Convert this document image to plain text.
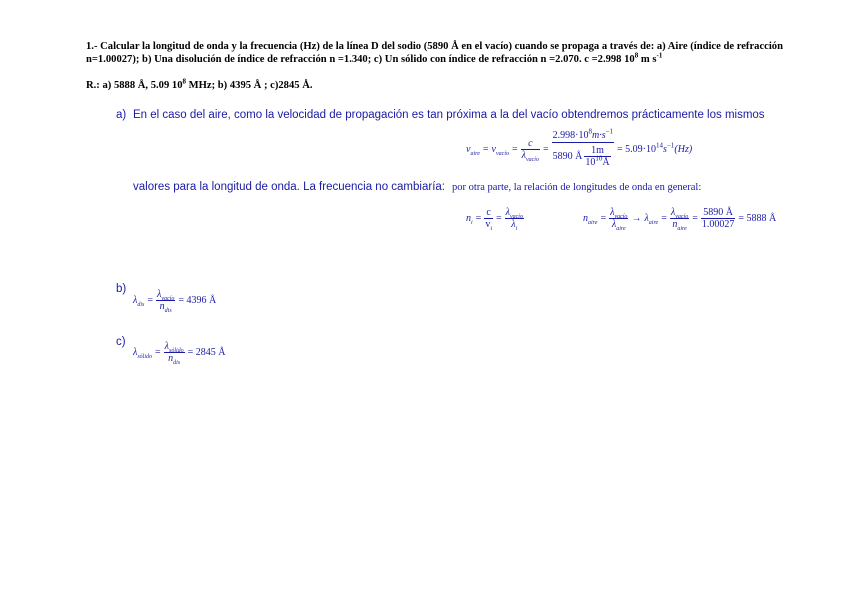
1.- Calcular la longitud de onda y la frecuencia (Hz) de la línea D del sodio (5890 Å en el vacío) cuando se propaga a través de: a) Aire (índice de refracción n=1.00027); b) Una disolución de índice de refracción n =1.340; c) Un sólido con índice de refracción n =2.070. c =2.998 $10^8$ m $s^{-1}$
R.: a) 5888 Å, 5.09 $10^8$ MHz; b) 4395 Å ; c)2845 Å.
a) En el caso del aire, como la velocidad de propagación es tan próxima a la del vacío obtendremos prácticamente los mismos
$\nu_{aire} = \nu_{vacío} = \frac{c}{\lambda_{vacío}} = \frac{2.998\cdot 10^8m\cdot s^{-1}}{5890 Å \frac{1m}{10^{10}Å}} = 5.09\cdot 10^{14}s^{-1}(Hz)$
valores para la longitud de onda. La frecuencia no cambiaría: por otra parte, la relación de longitudes de onda en general:
$n_i = \frac{c}{v_i} = \frac{\lambda_{vacío}}{\lambda_i}$	$n_{aire} = \frac{\lambda_{vacío}}{\lambda_{aire}} \to \lambda_{aire} = \frac{\lambda_{vacío}}{n_{aire}} = \frac{5890 Å}{1.00027} = 5888$ Å
b)
$\lambda_{dis} = \frac{\lambda_{vacío}}{n_{dis}} = 4396$ Å
c)
$\lambda_{sólido} = \frac{\lambda_{sólido}}{n_{dis}} = 2845$ Å
